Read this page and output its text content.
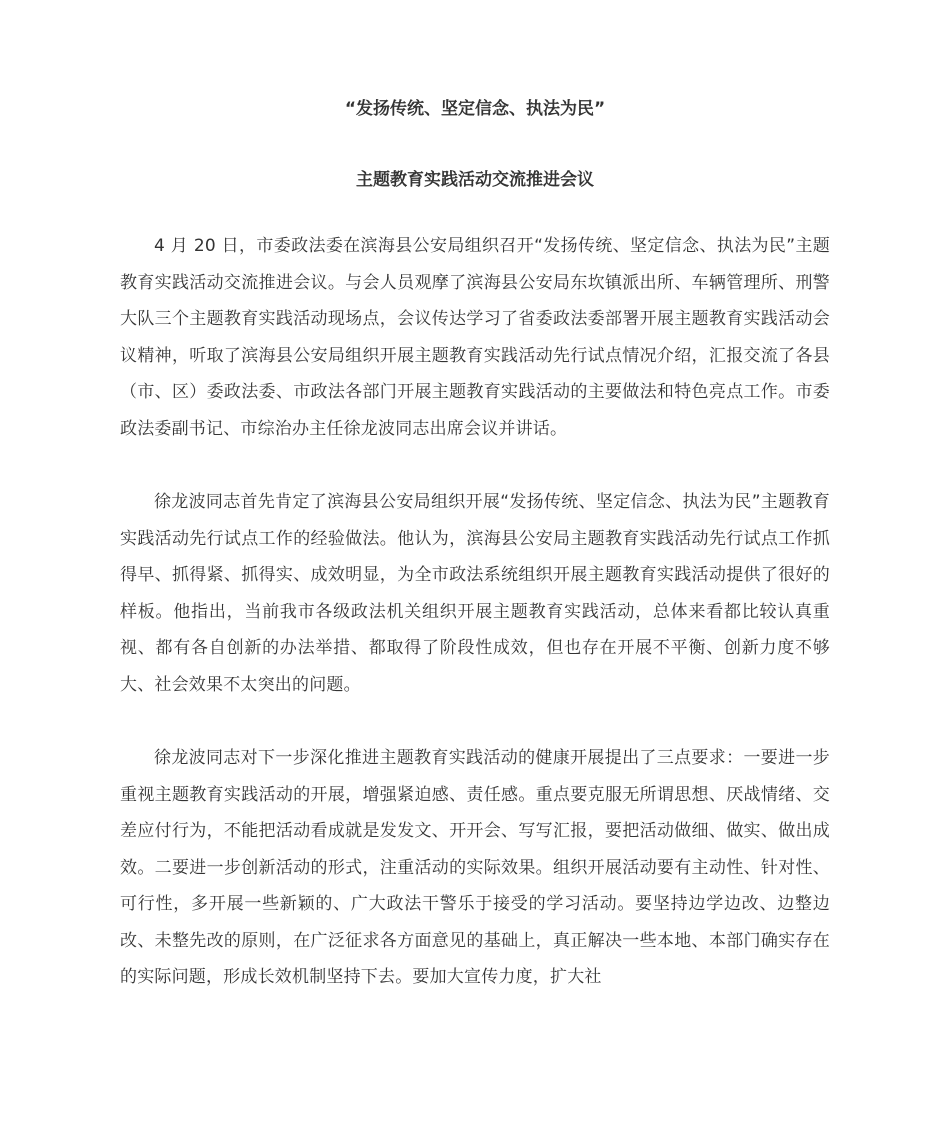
“发扬传统、坚定信念、执法为民”

主题教育实践活动交流推进会议

4 月 20 日，市委政法委在滨海县公安局组织召开“发扬传统、坚定信念、执法为民”主题教育实践活动交流推进会议。与会人员观摩了滨海县公安局东坎镇派出所、车辆管理所、刑警大队三个主题教育实践活动现场点，会议传达学习了省委政法委部署开展主题教育实践活动会议精神，听取了滨海县公安局组织开展主题教育实践活动先行试点情况介绍，汇报交流了各县（市、区）委政法委、市政法各部门开展主题教育实践活动的主要做法和特色亮点工作。市委政法委副书记、市综治办主任徐龙波同志出席会议并讲话。

徐龙波同志首先肯定了滨海县公安局组织开展“发扬传统、坚定信念、执法为民”主题教育实践活动先行试点工作的经验做法。他认为，滨海县公安局主题教育实践活动先行试点工作抓得早、抓得紧、抓得实、成效明显，为全市政法系统组织开展主题教育实践活动提供了很好的样板。他指出，当前我市各级政法机关组织开展主题教育实践活动，总体来看都比较认真重视、都有各自创新的办法举措、都取得了阶段性成效，但也存在开展不平衡、创新力度不够大、社会效果不太突出的问题。

徐龙波同志对下一步深化推进主题教育实践活动的健康开展提出了三点要求：一要进一步重视主题教育实践活动的开展，增强紧迫感、责任感。重点要克服无所谓思想、厌战情绪、交差应付行为，不能把活动看成就是发发文、开开会、写写汇报，要把活动做细、做实、做出成效。二要进一步创新活动的形式，注重活动的实际效果。组织开展活动要有主动性、针对性、可行性，多开展一些新颖的、广大政法干警乐于接受的学习活动。要坚持边学边改、边整边改、未整先改的原则，在广泛征求各方面意见的基础上，真正解决一些本地、本部门确实存在的实际问题，形成长效机制坚持下去。要加大宣传力度，扩大社
